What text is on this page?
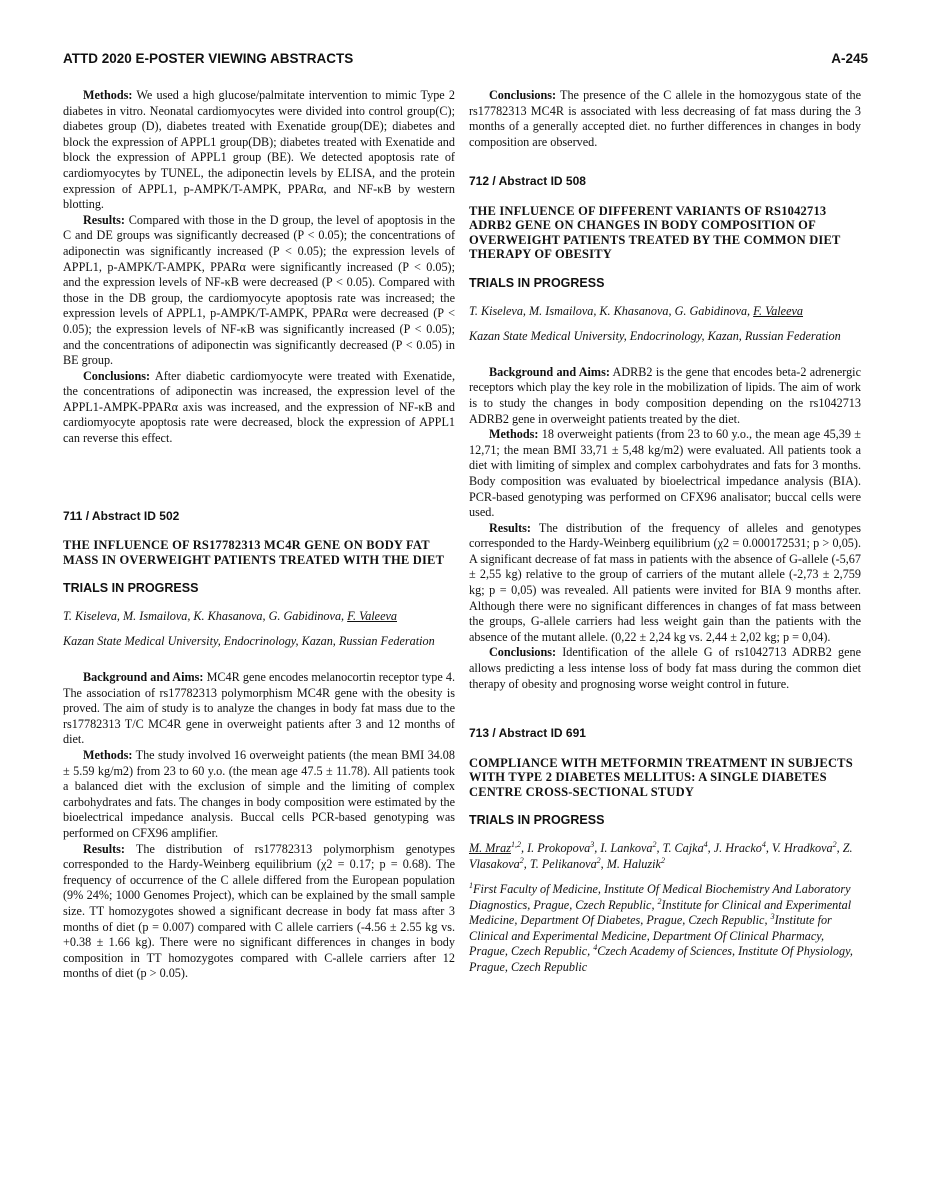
ATTD 2020 E-POSTER VIEWING ABSTRACTS	A-245

Methods: We used a high glucose/palmitate intervention to mimic Type 2 diabetes in vitro. Neonatal cardiomyocytes were divided into control group(C); diabetes group (D), diabetes treated with Exenatide group(DE); diabetes and block the expression of APPL1 group(DB); diabetes treated with Exenatide and block the expression of APPL1 group (BE). We detected apoptosis rate of cardiomyocytes by TUNEL, the adiponectin levels by ELISA, and the protein expression of APPL1, p-AMPK/T-AMPK, PPARα, and NF-κB by western blotting.

Results: Compared with those in the D group, the level of apoptosis in the C and DE groups was significantly decreased (P < 0.05); the concentrations of adiponectin was significantly increased (P < 0.05); the expression levels of APPL1, p-AMPK/T-AMPK, PPARα were significantly increased (P < 0.05); and the expression levels of NF-κB were decreased (P < 0.05). Compared with those in the DB group, the cardiomyocyte apoptosis rate was increased; the expression levels of APPL1, p-AMPK/T-AMPK, PPARα were decreased (P < 0.05); the expression levels of NF-κB was significantly increased (P < 0.05); and the concentrations of adiponectin was significantly decreased (P < 0.05) in BE group.

Conclusions: After diabetic cardiomyocyte were treated with Exenatide, the concentrations of adiponectin was increased, the expression level of the APPL1-AMPK-PPARα axis was increased, and the expression of NF-κB and cardiomyocyte apoptosis rate were decreased, block the expression of APPL1 can reverse this effect.

711 / Abstract ID 502
THE INFLUENCE OF RS17782313 MC4R GENE ON BODY FAT MASS IN OVERWEIGHT PATIENTS TREATED WITH THE DIET
TRIALS IN PROGRESS
T. Kiseleva, M. Ismailova, K. Khasanova, G. Gabidinova, F. Valeeva
Kazan State Medical University, Endocrinology, Kazan, Russian Federation

Background and Aims: MC4R gene encodes melanocortin receptor type 4. The association of rs17782313 polymorphism MC4R gene with the obesity is proved. The aim of study is to analyze the changes in body fat mass due to the rs17782313 T/C MC4R gene in overweight patients after 3 and 12 months of diet.

Methods: The study involved 16 overweight patients (the mean BMI 34.08 ± 5.59 kg/m2) from 23 to 60 y.o. (the mean age 47.5 ± 11.78). All patients took a balanced diet with the exclusion of simple and the limiting of complex carbohydrates and fats. The changes in body composition were estimated by the bioelectrical impedance analysis. Buccal cells PCR-based genotyping was performed on CFX96 amplifier.

Results: The distribution of rs17782313 polymorphism genotypes corresponded to the Hardy-Weinberg equilibrium (χ2 = 0.17; p = 0.68). The frequency of occurrence of the C allele differed from the European population (9% 24%; 1000 Genomes Project), which can be explained by the small sample size. TT homozygotes showed a significant decrease in body fat mass after 3 months of diet (p = 0.007) compared with C allele carriers (-4.56 ± 2.55 kg vs. +0.38 ± 1.66 kg). There were no significant differences in changes in body composition in TT homozygotes compared with C-allele carriers after 12 months of diet (p > 0.05).

Conclusions: The presence of the C allele in the homozygous state of the rs17782313 MC4R is associated with less decreasing of fat mass during the 3 months of a generally accepted diet. no further differences in changes in body composition are observed.

712 / Abstract ID 508
THE INFLUENCE OF DIFFERENT VARIANTS OF RS1042713 ADRB2 GENE ON CHANGES IN BODY COMPOSITION OF OVERWEIGHT PATIENTS TREATED BY THE COMMON DIET THERAPY OF OBESITY
TRIALS IN PROGRESS
T. Kiseleva, M. Ismailova, K. Khasanova, G. Gabidinova, F. Valeeva
Kazan State Medical University, Endocrinology, Kazan, Russian Federation

Background and Aims: ADRB2 is the gene that encodes beta-2 adrenergic receptors which play the key role in the mobilization of lipids. The aim of work is to study the changes in body composition depending on the rs1042713 ADRB2 gene in overweight patients treated by the diet.

Methods: 18 overweight patients (from 23 to 60 y.o., the mean age 45,39 ± 12,71; the mean BMI 33,71 ± 5,48 kg/m2) were evaluated. All patients took a diet with limiting of simplex and complex carbohydrates and fats for 3 months. Body composition was evaluated by bioelectrical impedance analysis (BIA). PCR-based genotyping was performed on CFX96 analisator; buccal cells were used.

Results: The distribution of the frequency of alleles and genotypes corresponded to the Hardy-Weinberg equilibrium (χ2 = 0.000172531; p > 0,05). A significant decrease of fat mass in patients with the absence of G-allele (-5,67 ± 2,55 kg) relative to the group of carriers of the mutant allele (-2,73 ± 2,759 kg; p = 0,05) was revealed. All patients were invited for BIA 9 months after. Although there were no significant differences in changes of fat mass between the groups, G-allele carriers had less weight gain than the patients with the absence of the mutant allele. (0,22 ± 2,24 kg vs. 2,44 ± 2,02 kg; p = 0,04).

Conclusions: Identification of the allele G of rs1042713 ADRB2 gene allows predicting a less intense loss of body fat mass during the common diet therapy of obesity and prognosing worse weight control in future.

713 / Abstract ID 691
COMPLIANCE WITH METFORMIN TREATMENT IN SUBJECTS WITH TYPE 2 DIABETES MELLITUS: A SINGLE DIABETES CENTRE CROSS-SECTIONAL STUDY
TRIALS IN PROGRESS
M. Mraz$^{1,2}$, I. Prokopova$^3$, I. Lankova$^2$, T. Cajka$^4$, J. Hracko$^4$, V. Hradkova$^2$, Z. Vlasakova$^2$, T. Pelikanova$^2$, M. Haluzik$^2$
$^1$First Faculty of Medicine, Institute Of Medical Biochemistry And Laboratory Diagnostics, Prague, Czech Republic, $^2$Institute for Clinical and Experimental Medicine, Department Of Diabetes, Prague, Czech Republic, $^3$Institute for Clinical and Experimental Medicine, Department Of Clinical Pharmacy, Prague, Czech Republic, $^4$Czech Academy of Sciences, Institute Of Physiology, Prague, Czech Republic
